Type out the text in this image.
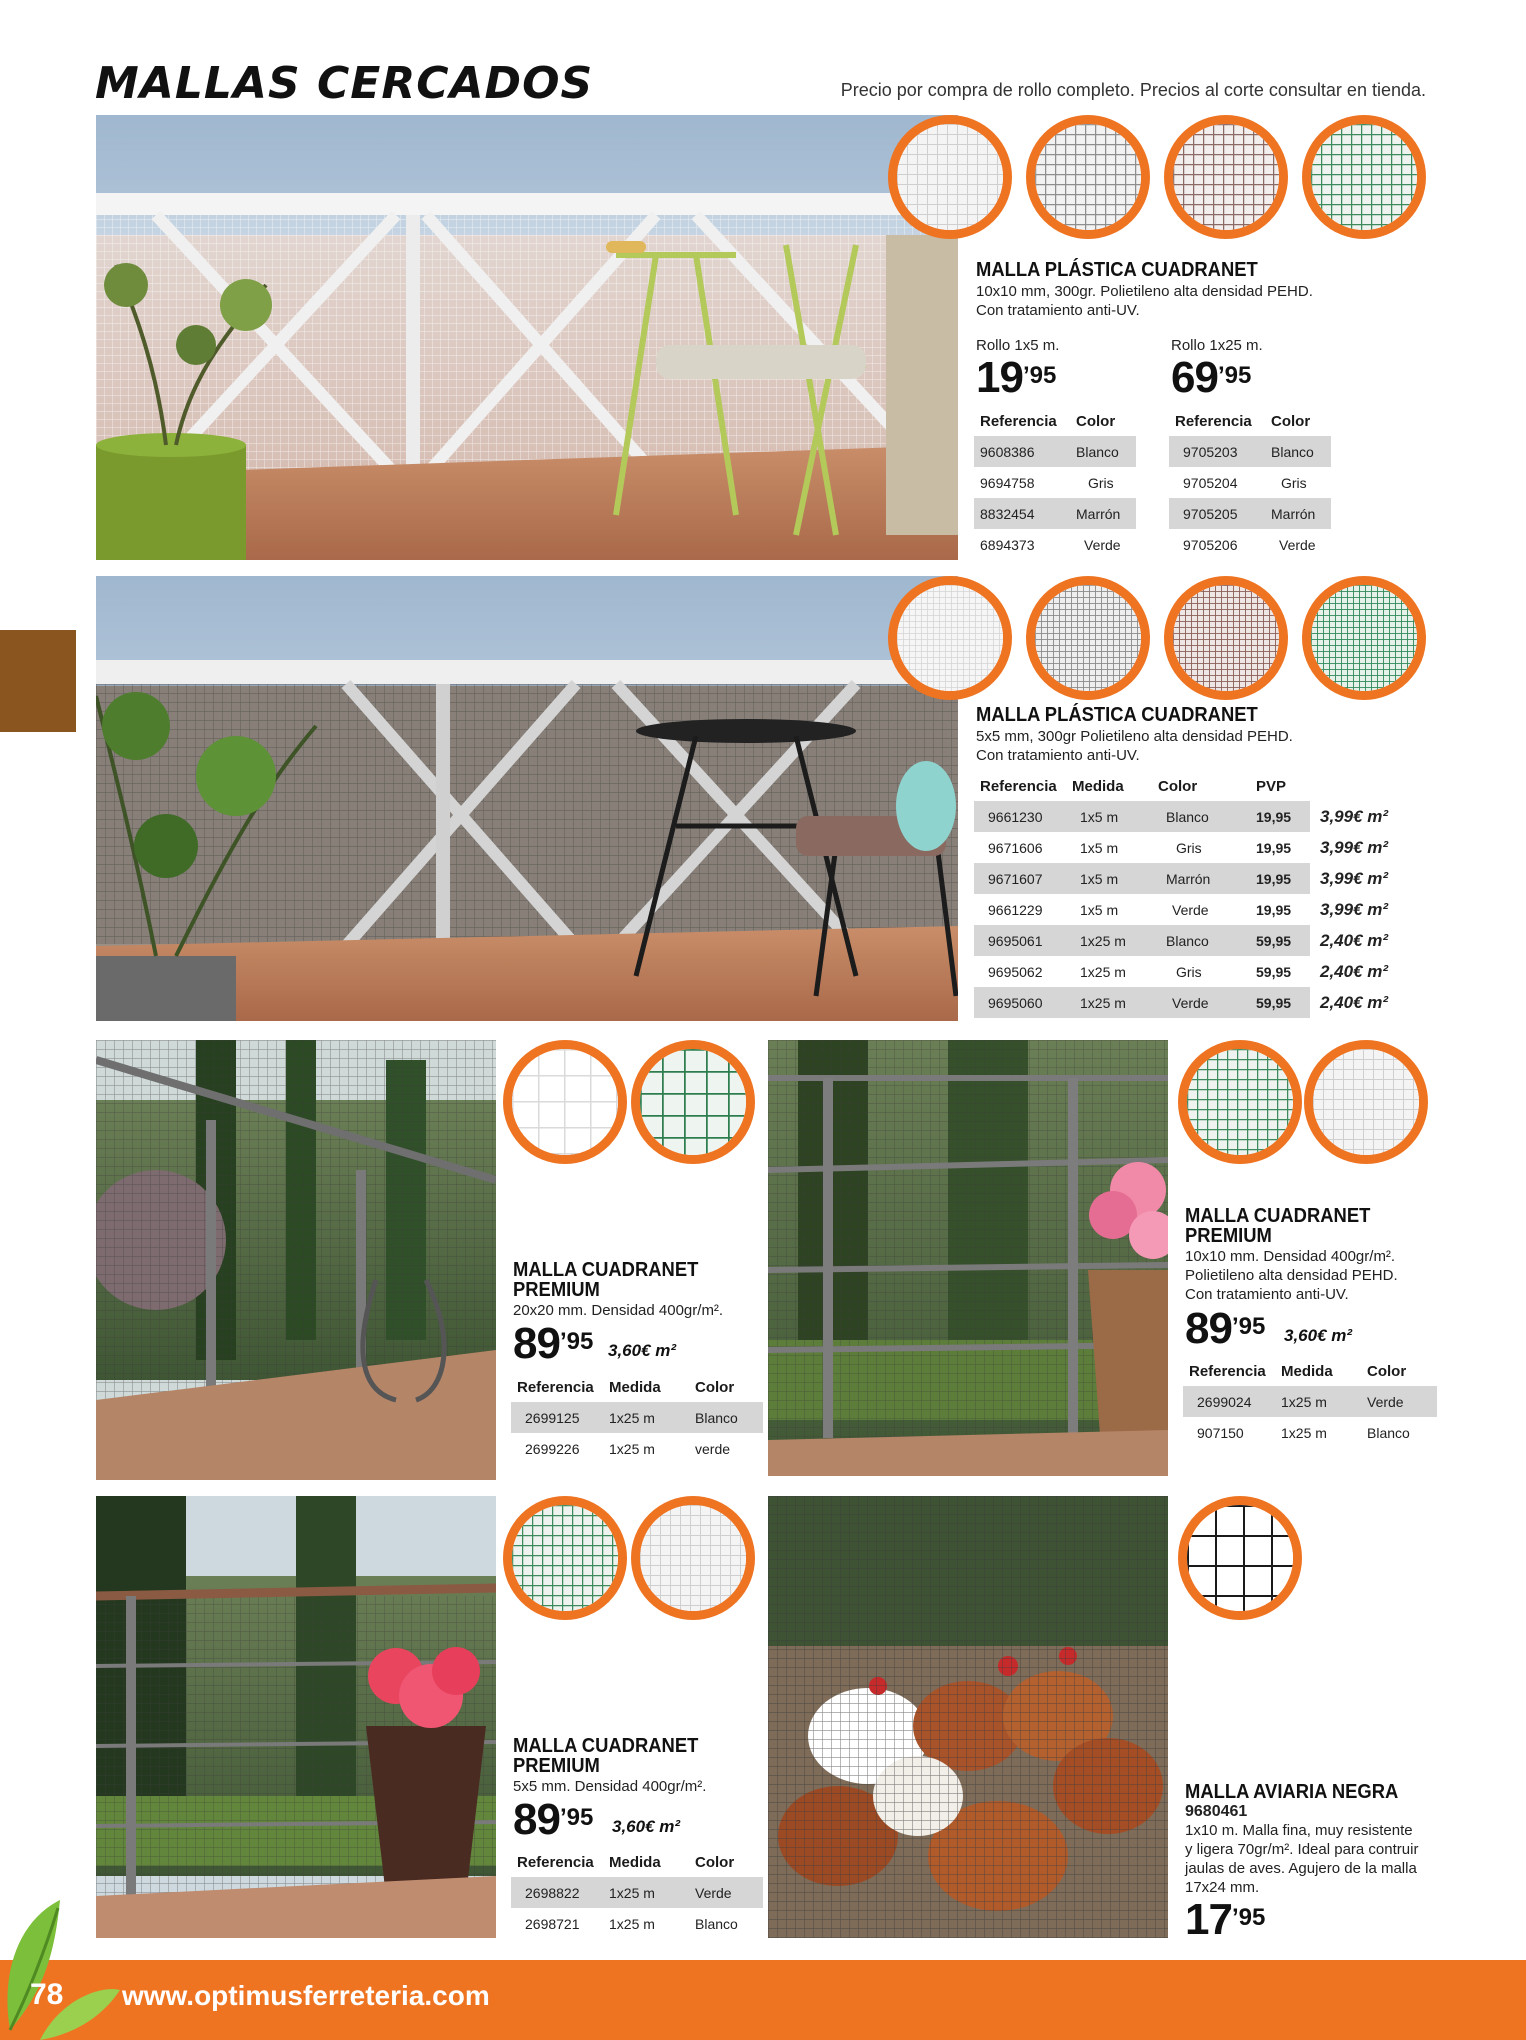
MALLAS CERCADOS	Precio por compra de rollo completo. Precios al corte consultar en tienda.
MALLA PLÁSTICA CUADRANET
10x10 mm, 300gr. Polietileno alta densidad PEHD.
Con tratamiento anti-UV.
Rollo 1x5 m.
$19^{’95}$
Rollo 1x25 m.
$69^{’95}$
Referencia	Color
9608386	Blanco
9694758	Gris
8832454	Marrón
6894373	Verde
Referencia	Color
9705203	Blanco
9705204	Gris
9705205	Marrón
9705206	Verde
MALLA PLÁSTICA CUADRANET
5x5 mm, 300gr Polietileno alta densidad PEHD.
Con tratamiento anti-UV.
Referencia	Medida	Color	PVP	
9661230	1x5 m	Blanco	19,95	3,99€ m²
9671606	1x5 m	Gris	19,95	3,99€ m²
9671607	1x5 m	Marrón	19,95	3,99€ m²
9661229	1x5 m	Verde	19,95	3,99€ m²
9695061	1x25 m	Blanco	59,95	2,40€ m²
9695062	1x25 m	Gris	59,95	2,40€ m²
9695060	1x25 m	Verde	59,95	2,40€ m²
MALLA CUADRANET
PREMIUM
20x20 mm. Densidad 400gr/m².
$89^{’95}$ 3,60€ m²
Referencia	Medida	Color
2699125	1x25 m	Blanco
2699226	1x25 m	verde
MALLA CUADRANET
PREMIUM
10x10 mm. Densidad 400gr/m².
Polietileno alta densidad PEHD.
Con tratamiento anti-UV.
$89^{’95}$ 3,60€ m²
Referencia	Medida	Color
2699024	1x25 m	Verde
907150	1x25 m	Blanco
MALLA CUADRANET
PREMIUM
5x5 mm. Densidad 400gr/m².
$89^{’95}$ 3,60€ m²
Referencia	Medida	Color
2698822	1x25 m	Verde
2698721	1x25 m	Blanco
MALLA AVIARIA NEGRA
9680461
1x10 m. Malla fina, muy resistente
y ligera 70gr/m². Ideal para contruir
jaulas de aves. Agujero de la malla
17x24 mm.
$17^{’95}$
78 www.optimusferreteria.com
